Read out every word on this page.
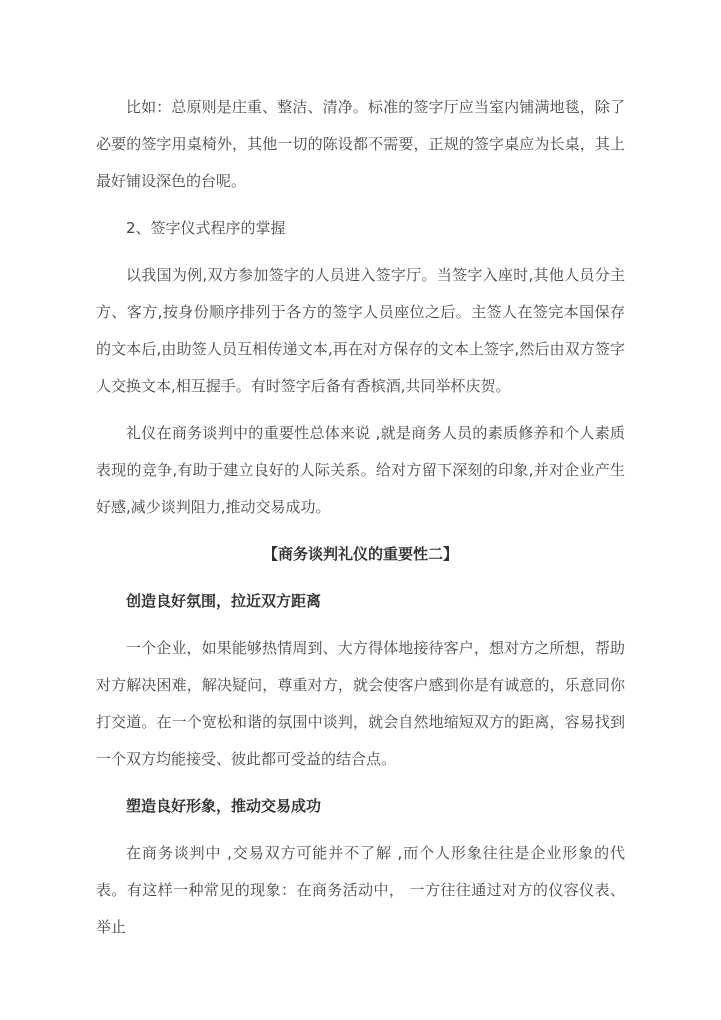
比如：总原则是庄重、整洁、清净。标准的签字厅应当室内铺满地毯，除了必要的签字用桌椅外，其他一切的陈设都不需要，正规的签字桌应为长桌，其上最好铺设深色的台呢。

2、签字仪式程序的掌握

以我国为例,双方参加签字的人员进入签字厅。当签字入座时,其他人员分主方、客方,按身份顺序排列于各方的签字人员座位之后。主签人在签完本国保存的文本后,由助签人员互相传递文本,再在对方保存的文本上签字,然后由双方签字人交换文本,相互握手。有时签字后备有香槟酒,共同举杯庆贺。

礼仪在商务谈判中的重要性总体来说 ,就是商务人员的素质修养和个人素质表现的竞争,有助于建立良好的人际关系。给对方留下深刻的印象,并对企业产生好感,减少谈判阻力,推动交易成功。

【商务谈判礼仪的重要性二】

创造良好氛围，拉近双方距离

一个企业，如果能够热情周到、大方得体地接待客户，想对方之所想，帮助对方解决困难，解决疑问，尊重对方，就会使客户感到你是有诚意的，乐意同你打交道。在一个宽松和谐的氛围中谈判，就会自然地缩短双方的距离，容易找到一个双方均能接受、彼此都可受益的结合点。

塑造良好形象，推动交易成功

在商务谈判中 ,交易双方可能并不了解 ,而个人形象往往是企业形象的代表。有这样一种常见的现象：在商务活动中， 一方往往通过对方的仪容仪表、举止
